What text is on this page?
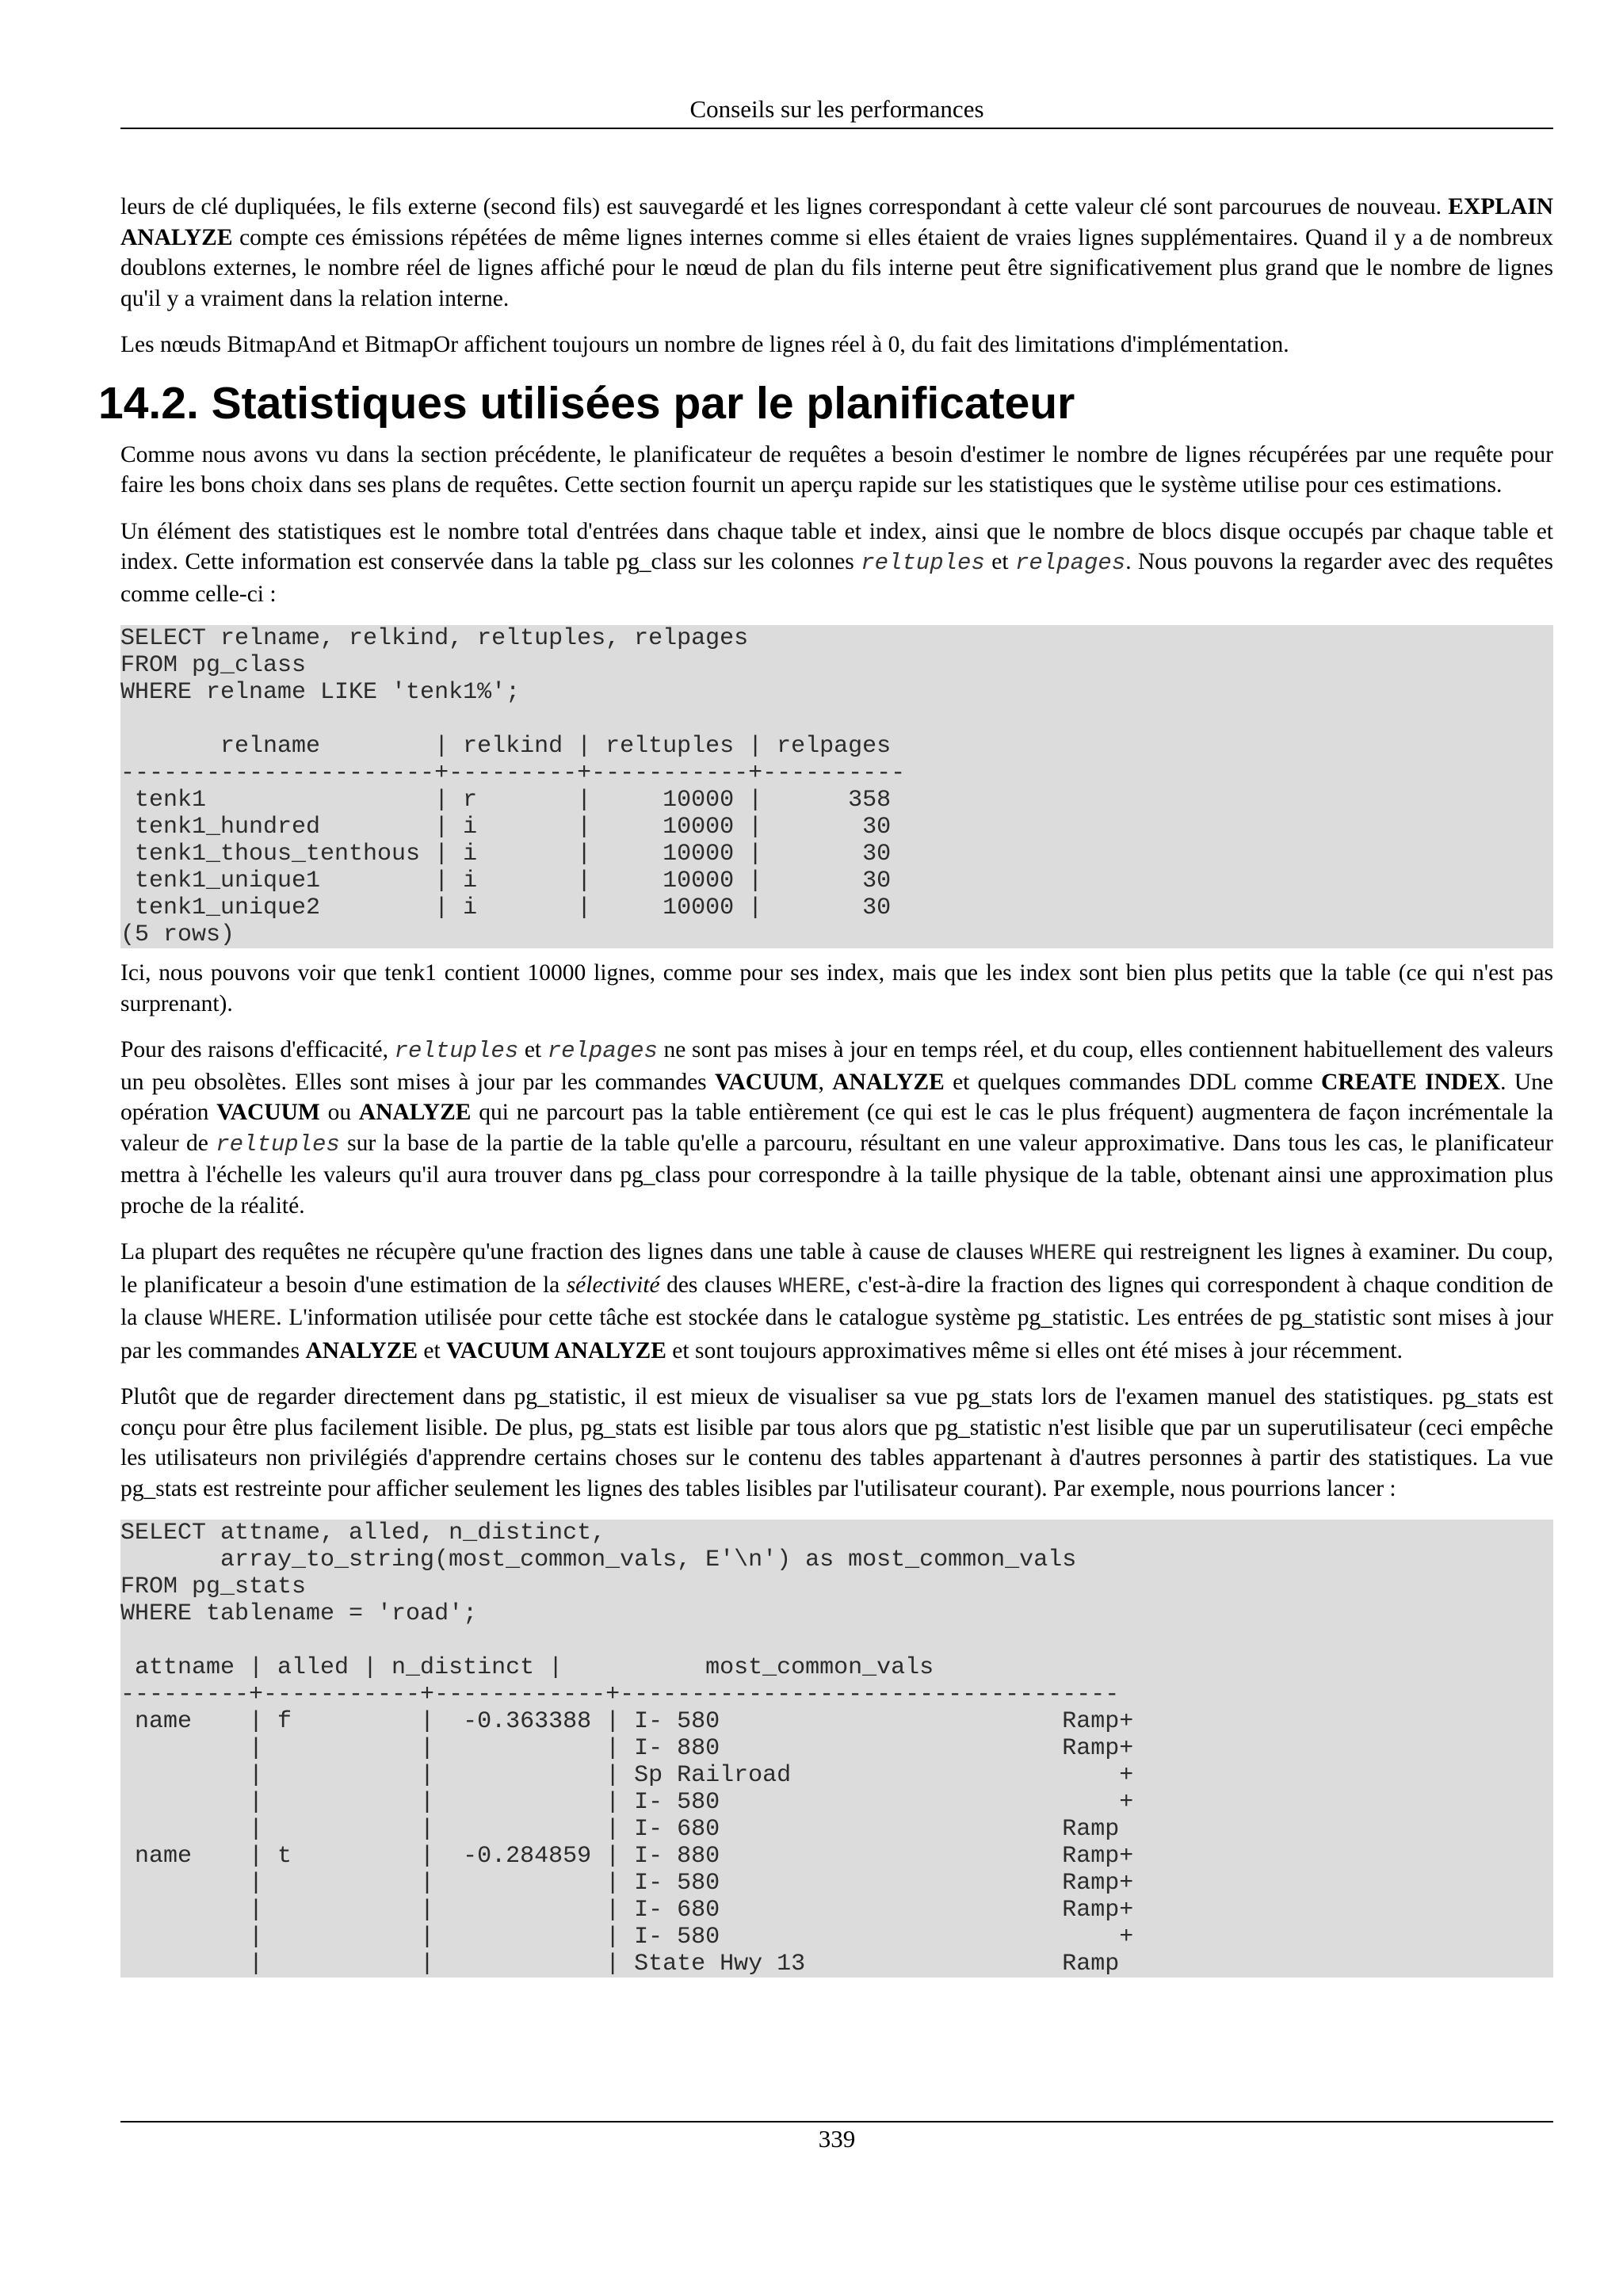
Conseils sur les performances

leurs de clé dupliquées, le fils externe (second fils) est sauvegardé et les lignes correspondant à cette valeur clé sont parcourues de nouveau. EXPLAIN ANALYZE compte ces émissions répétées de même lignes internes comme si elles étaient de vraies lignes supplémentaires. Quand il y a de nombreux doublons externes, le nombre réel de lignes affiché pour le nœud de plan du fils interne peut être significativement plus grand que le nombre de lignes qu'il y a vraiment dans la relation interne.

Les nœuds BitmapAnd et BitmapOr affichent toujours un nombre de lignes réel à 0, du fait des limitations d'implémentation.

14.2. Statistiques utilisées par le planificateur

Comme nous avons vu dans la section précédente, le planificateur de requêtes a besoin d'estimer le nombre de lignes récupérées par une requête pour faire les bons choix dans ses plans de requêtes. Cette section fournit un aperçu rapide sur les statistiques que le système utilise pour ces estimations.

Un élément des statistiques est le nombre total d'entrées dans chaque table et index, ainsi que le nombre de blocs disque occupés par chaque table et index. Cette information est conservée dans la table pg_class sur les colonnes reltuples et relpages. Nous pouvons la regarder avec des requêtes comme celle-ci :

SELECT relname, relkind, reltuples, relpages
FROM pg_class
WHERE relname LIKE 'tenk1%';
relname        | relkind | reltuples | relpages
----------------------+---------+-----------+----------
tenk1                | r       |     10000 |      358
tenk1_hundred        | i       |     10000 |       30
tenk1_thous_tenthous | i       |     10000 |       30
tenk1_unique1        | i       |     10000 |       30
tenk1_unique2        | i       |     10000 |       30
(5 rows)

Ici, nous pouvons voir que tenk1 contient 10000 lignes, comme pour ses index, mais que les index sont bien plus petits que la table (ce qui n'est pas surprenant).

Pour des raisons d'efficacité, reltuples et relpages ne sont pas mises à jour en temps réel, et du coup, elles contiennent habituellement des valeurs un peu obsolètes. Elles sont mises à jour par les commandes VACUUM, ANALYZE et quelques commandes DDL comme CREATE INDEX. Une opération VACUUM ou ANALYZE qui ne parcourt pas la table entièrement (ce qui est le cas le plus fréquent) augmentera de façon incrémentale la valeur de reltuples sur la base de la partie de la table qu'elle a parcouru, résultant en une valeur approximative. Dans tous les cas, le planificateur mettra à l'échelle les valeurs qu'il aura trouver dans pg_class pour correspondre à la taille physique de la table, obtenant ainsi une approximation plus proche de la réalité.

La plupart des requêtes ne récupère qu'une fraction des lignes dans une table à cause de clauses WHERE qui restreignent les lignes à examiner. Du coup, le planificateur a besoin d'une estimation de la sélectivité des clauses WHERE, c'est-à-dire la fraction des lignes qui correspondent à chaque condition de la clause WHERE. L'information utilisée pour cette tâche est stockée dans le catalogue système pg_statistic. Les entrées de pg_statistic sont mises à jour par les commandes ANALYZE et VACUUM ANALYZE et sont toujours approximatives même si elles ont été mises à jour récemment.

Plutôt que de regarder directement dans pg_statistic, il est mieux de visualiser sa vue pg_stats lors de l'examen manuel des statistiques. pg_stats est conçu pour être plus facilement lisible. De plus, pg_stats est lisible par tous alors que pg_statistic n'est lisible que par un superutilisateur (ceci empêche les utilisateurs non privilégiés d'apprendre certains choses sur le contenu des tables appartenant à d'autres personnes à partir des statistiques. La vue pg_stats est restreinte pour afficher seulement les lignes des tables lisibles par l'utilisateur courant). Par exemple, nous pourrions lancer :

SELECT attname, alled, n_distinct,
array_to_string(most_common_vals, E'\n') as most_common_vals
FROM pg_stats
WHERE tablename = 'road';
attname | alled | n_distinct |          most_common_vals
---------+-----------+------------+-----------------------------------
name    | f         |  -0.363388 | I- 580                        Ramp+
|           |            | I- 880                        Ramp+
|           |            | Sp Railroad                       +
|           |            | I- 580                            +
|           |            | I- 680                        Ramp
name    | t         |  -0.284859 | I- 880                        Ramp+
|           |            | I- 580                        Ramp+
|           |            | I- 680                        Ramp+
|           |            | I- 580                            +
|           |            | State Hwy 13                  Ramp
339
